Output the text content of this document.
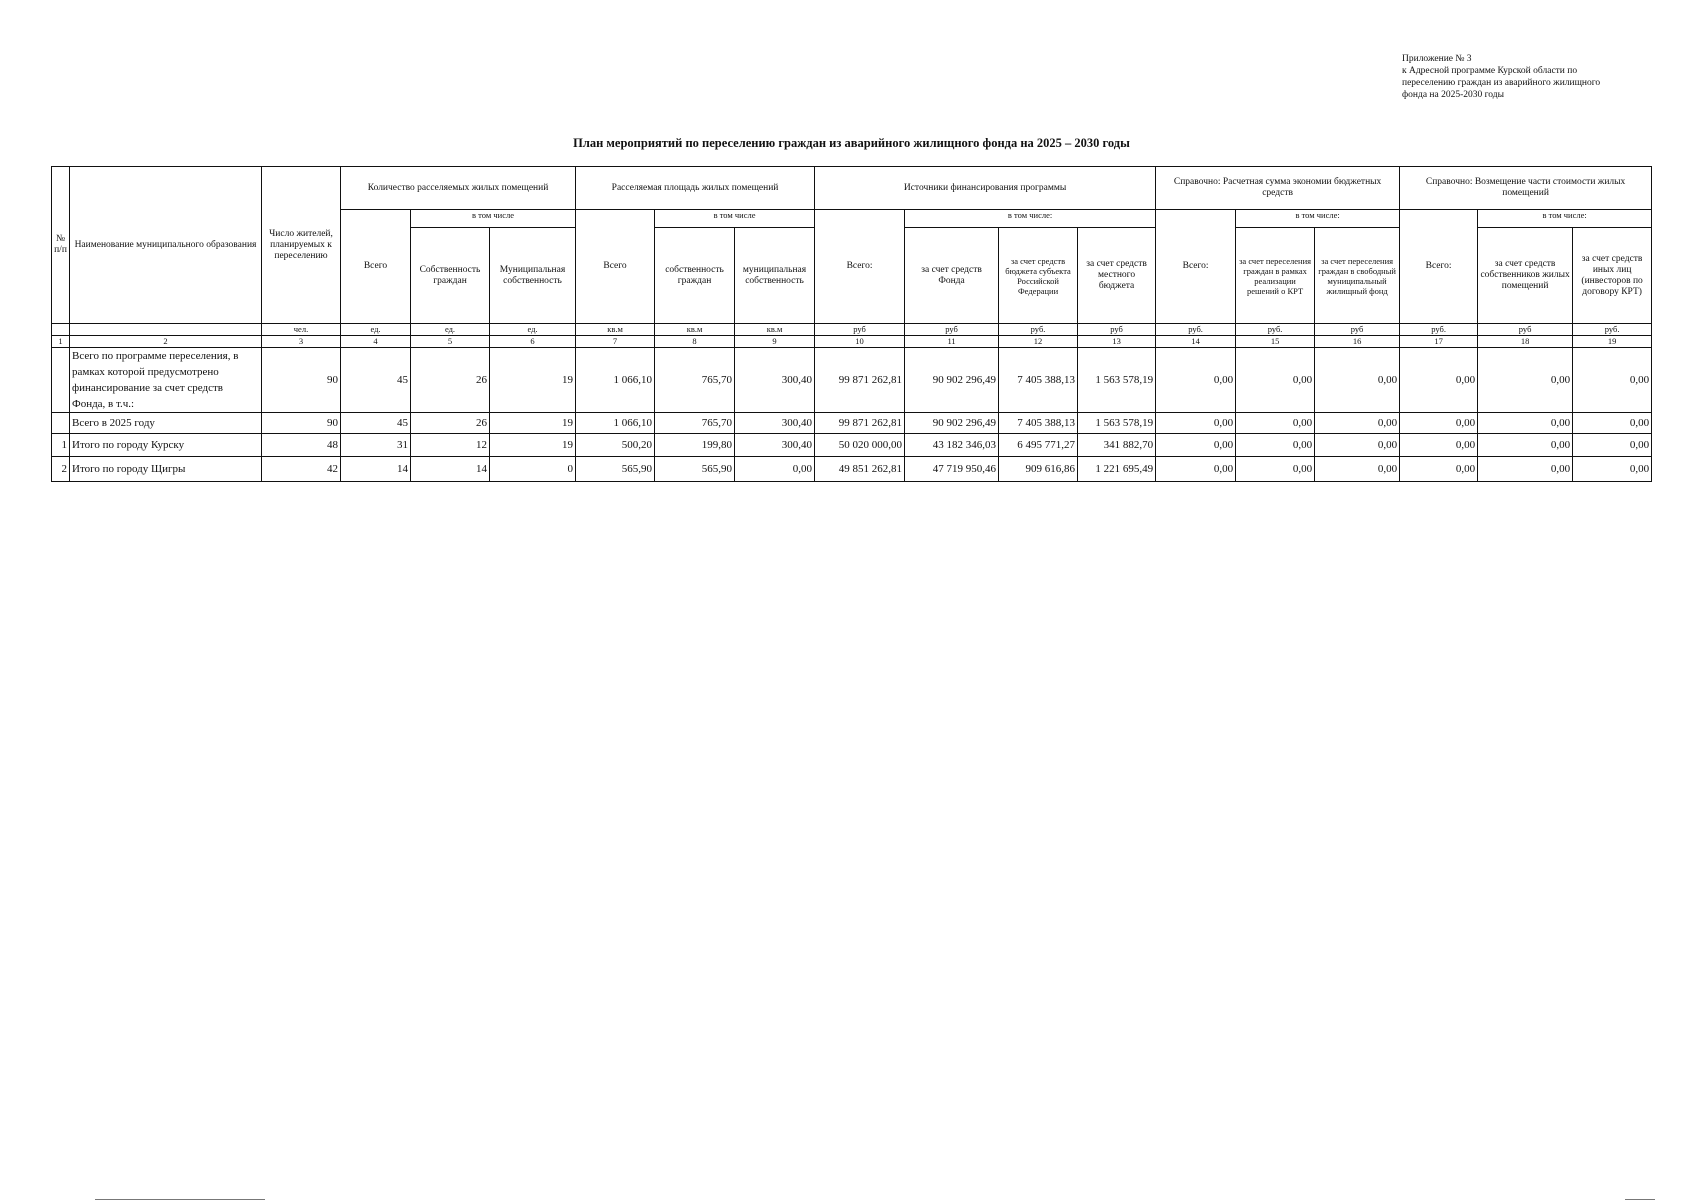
Приложение № 3
к Адресной программе Курской области по
переселению граждан из аварийного жилищного
фонда на 2025-2030 годы
План мероприятий по переселению граждан из аварийного жилищного фонда на 2025 – 2030 годы
№ п/п	Наименование муниципального образования	Число жителей, планируемых к переселению	Количество расселяемых жилых помещений			Расселяемая площадь жилых помещений			Источники финансирования программы				Справочно: Расчетная сумма экономии бюджетных средств			Справочно: Возмещение части стоимости жилых помещений		
			Всего	в том числе		Всего	в том числе		Всего:	в том числе:			Всего:	в том числе:		Всего:	в том числе:	
				Собственность граждан	Муниципальная собственность		собственность граждан	муниципальная собственность		за счет средств Фонда	за счет средств бюджета субъекта Российской Федерации	за счет средств местного бюджета		за счет переселения граждан в рамках реализации решений о КРТ	за счет переселения граждан в свободный муниципальный жилищный фонд		за счет средств собственников жилых помещений	за счет средств иных лиц (инвесторов по договору КРТ)
		чел.	ед.	ед.	ед.	кв.м	кв.м	кв.м	руб	руб	руб.	руб	руб.	руб.	руб	руб.	руб	руб.
1	2	3	4	5	6	7	8	9	10	11	12	13	14	15	16	17	18	19
	Всего по программе переселения, в рамках которой предусмотрено финансирование за счет средств Фонда, в т.ч.:	90	45	26	19	1 066,10	765,70	300,40	99 871 262,81	90 902 296,49	7 405 388,13	1 563 578,19	0,00	0,00	0,00	0,00	0,00	0,00
	Всего в 2025 году	90	45	26	19	1 066,10	765,70	300,40	99 871 262,81	90 902 296,49	7 405 388,13	1 563 578,19	0,00	0,00	0,00	0,00	0,00	0,00
1	Итого по городу Курску	48	31	12	19	500,20	199,80	300,40	50 020 000,00	43 182 346,03	6 495 771,27	341 882,70	0,00	0,00	0,00	0,00	0,00	0,00
2	Итого по городу Щигры	42	14	14	0	565,90	565,90	0,00	49 851 262,81	47 719 950,46	909 616,86	1 221 695,49	0,00	0,00	0,00	0,00	0,00	0,00
